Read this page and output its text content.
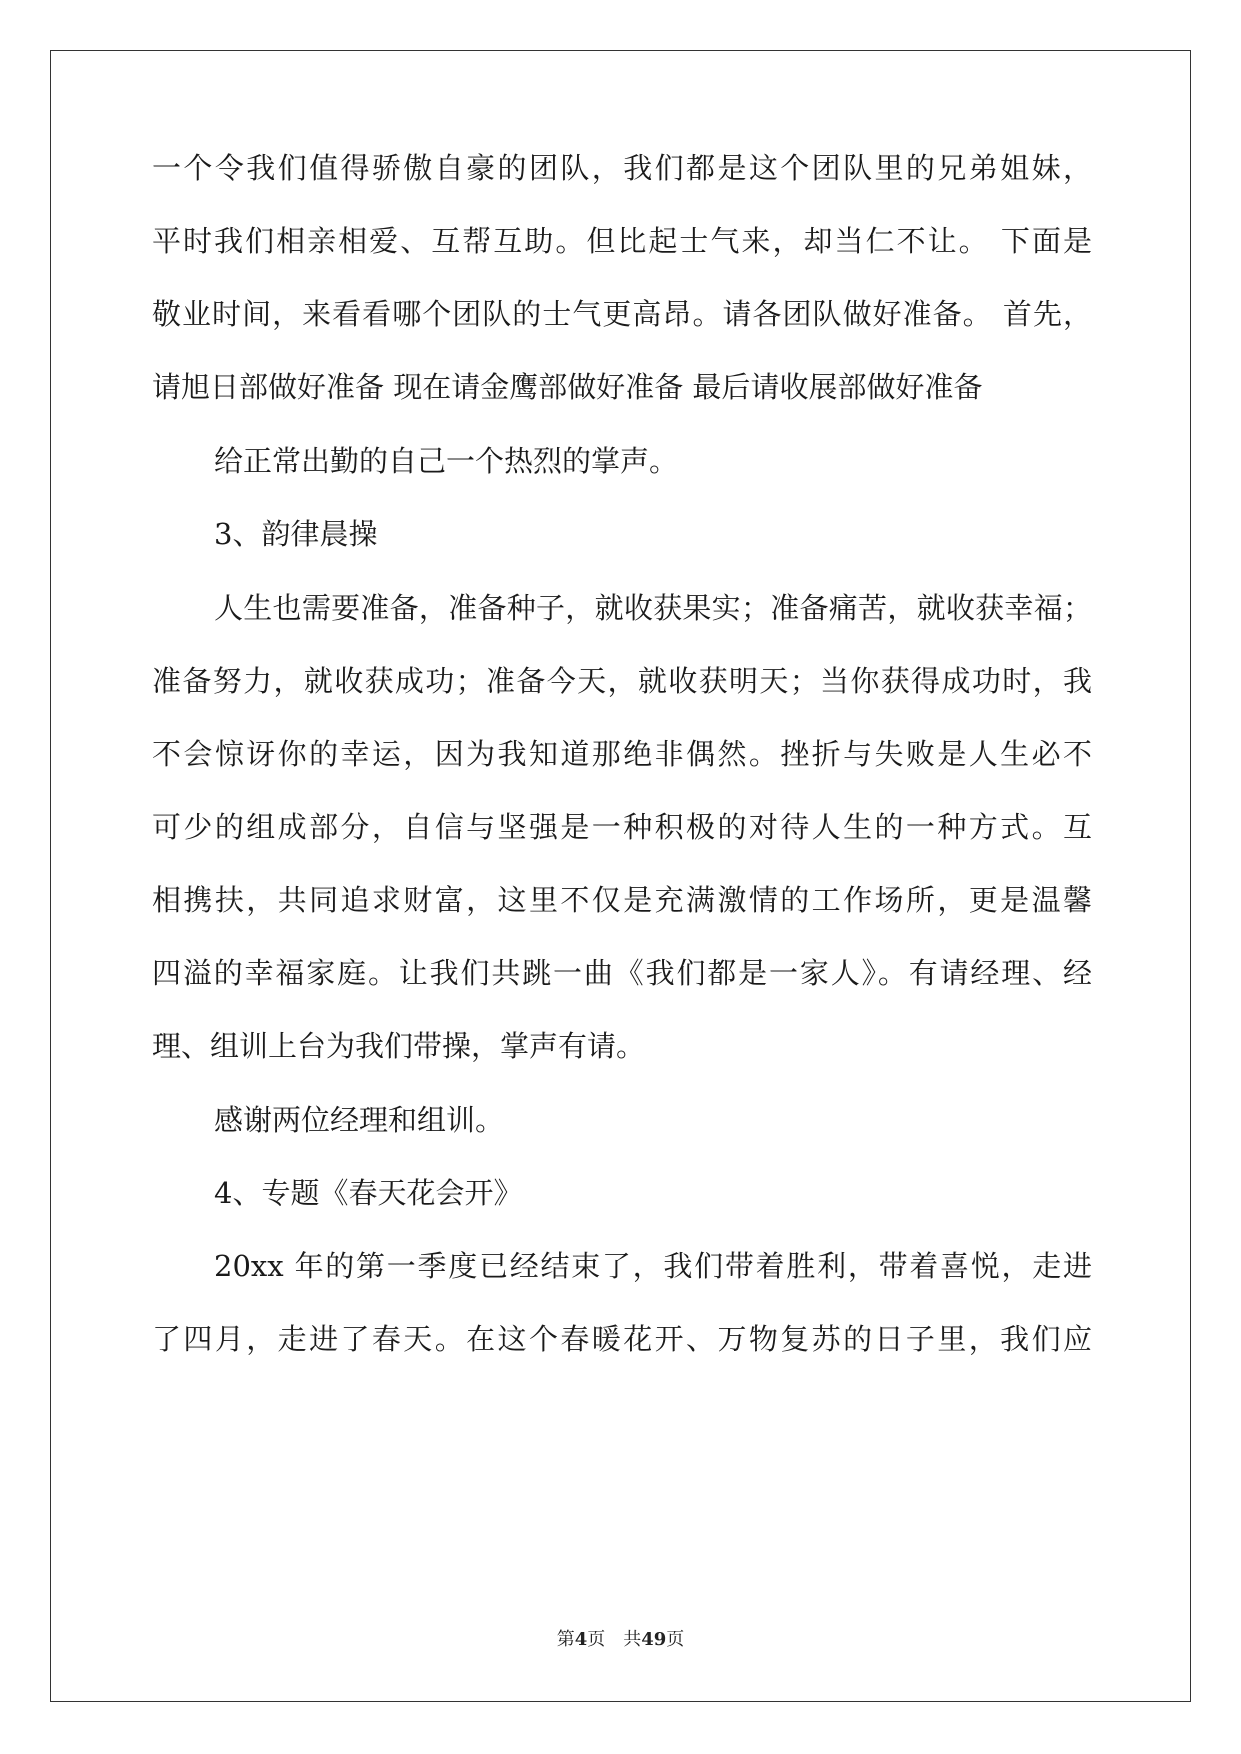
一个令我们值得骄傲自豪的团队，我们都是这个团队里的兄弟姐妹，
平时我们相亲相爱、互帮互助。但比起士气来，却当仁不让。 下面是
敬业时间，来看看哪个团队的士气更高昂。请各团队做好准备。 首先，
请旭日部做好准备 现在请金鹰部做好准备 最后请收展部做好准备
给正常出勤的自己一个热烈的掌声。
3、韵律晨操
人生也需要准备，准备种子，就收获果实；准备痛苦，就收获幸福；
准备努力，就收获成功；准备今天，就收获明天；当你获得成功时，我
不会惊讶你的幸运，因为我知道那绝非偶然。挫折与失败是人生必不
可少的组成部分，自信与坚强是一种积极的对待人生的一种方式。互
相携扶，共同追求财富，这里不仅是充满激情的工作场所，更是温馨
四溢的幸福家庭。让我们共跳一曲《我们都是一家人》。有请经理、经
理、组训上台为我们带操，掌声有请。
感谢两位经理和组训。
4、专题《春天花会开》
20xx 年的第一季度已经结束了，我们带着胜利，带着喜悦，走进
了四月，走进了春天。在这个春暖花开、万物复苏的日子里，我们应
第4页　共49页
